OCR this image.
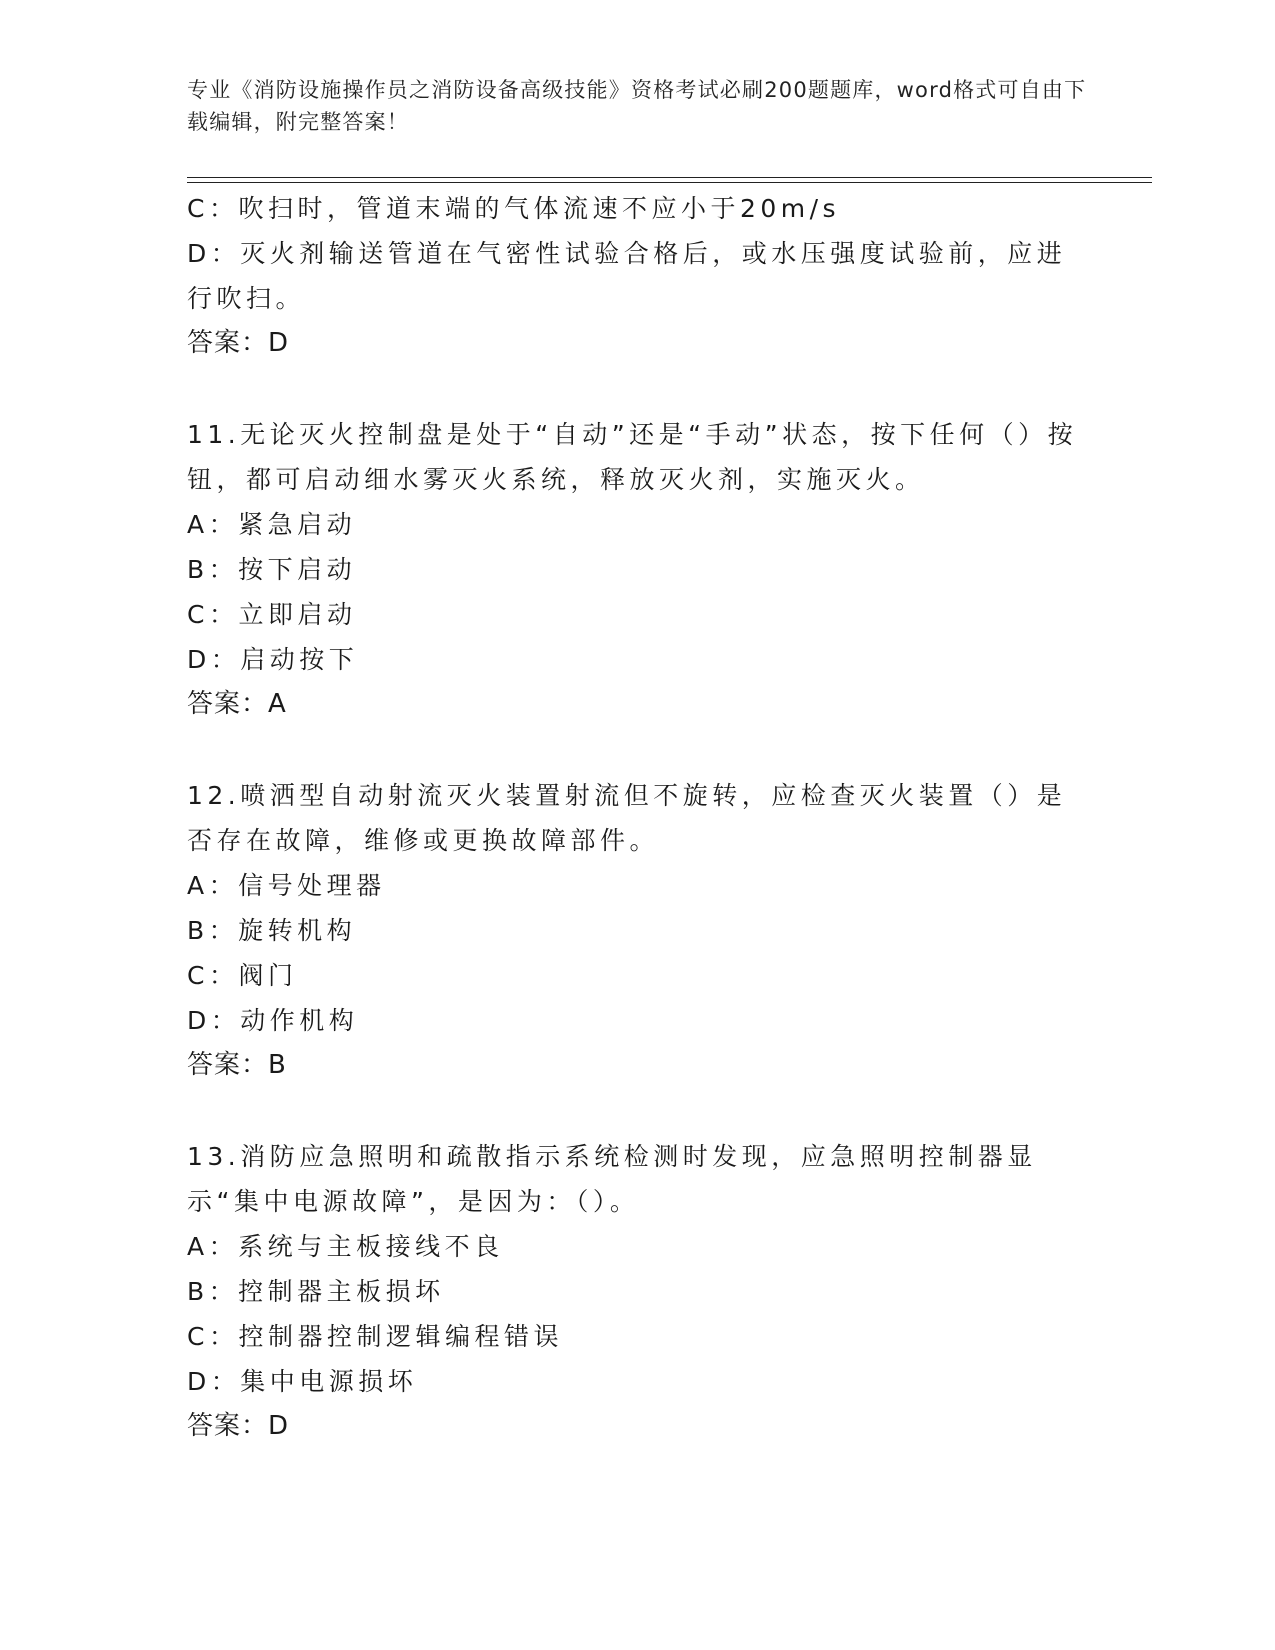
专业《消防设施操作员之消防设备高级技能》资格考试必刷200题题库，word格式可自由下载编辑，附完整答案！

C：吹扫时，管道末端的气体流速不应小于20m/s

D：灭火剂输送管道在气密性试验合格后，或水压强度试验前，应进行吹扫。

答案：D

11.无论灭火控制盘是处于“自动”还是“手动”状态，按下任何（）按钮，都可启动细水雾灭火系统，释放灭火剂，实施灭火。

A：紧急启动

B：按下启动

C：立即启动

D：启动按下

答案：A

12.喷洒型自动射流灭火装置射流但不旋转，应检查灭火装置（）是否存在故障，维修或更换故障部件。

A：信号处理器

B：旋转机构

C：阀门

D：动作机构

答案：B

13.消防应急照明和疏散指示系统检测时发现，应急照明控制器显示“集中电源故障”，是因为：（）。

A：系统与主板接线不良

B：控制器主板损坏

C：控制器控制逻辑编程错误

D：集中电源损坏

答案：D
